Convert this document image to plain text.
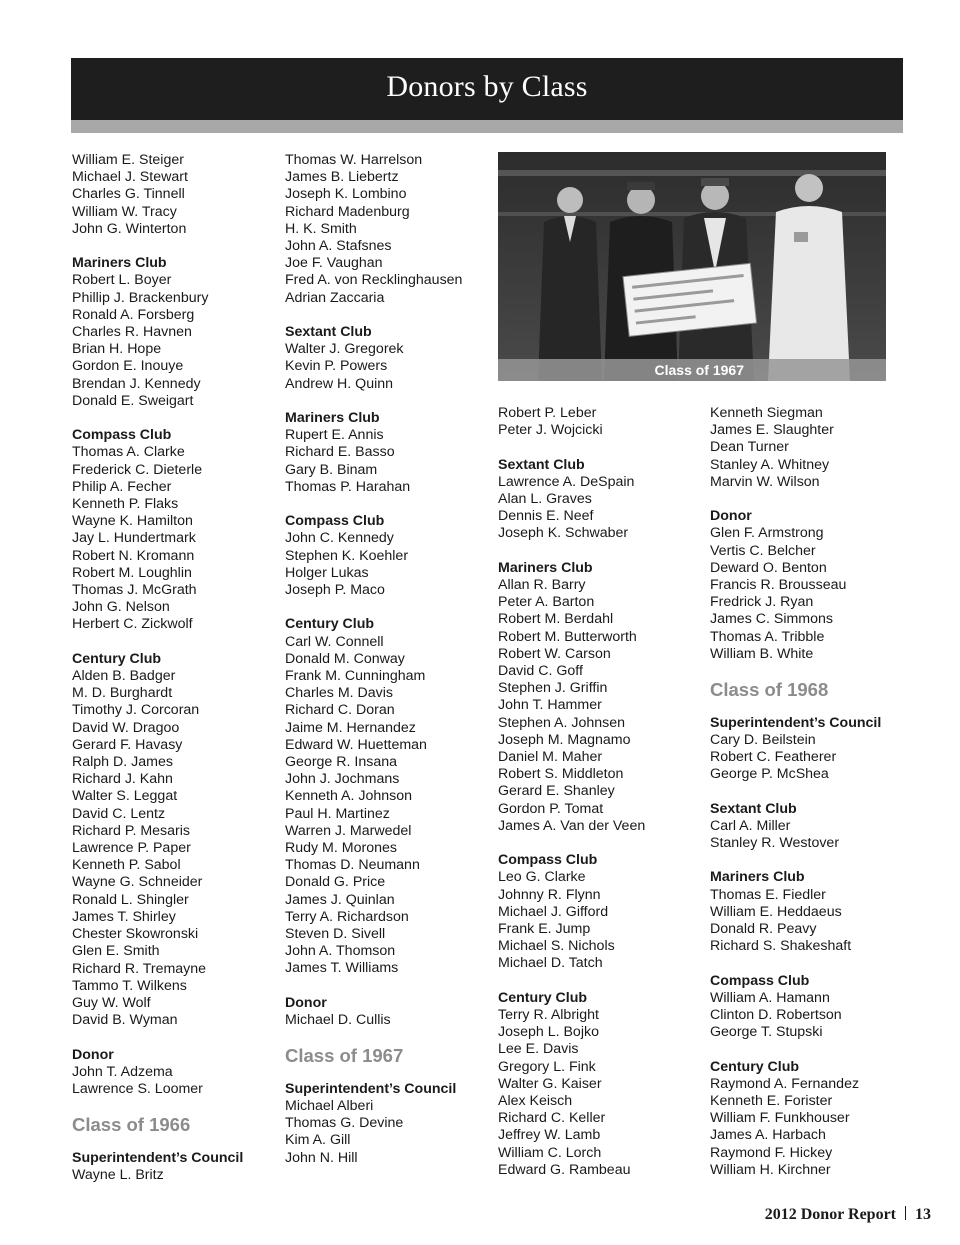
Donors by Class
William E. Steiger
Michael J. Stewart
Charles G. Tinnell
William W. Tracy
John G. Winterton
Mariners Club
Robert L. Boyer
Phillip J. Brackenbury
Ronald A. Forsberg
Charles R. Havnen
Brian H. Hope
Gordon E. Inouye
Brendan J. Kennedy
Donald E. Sweigart
Compass Club
Thomas A. Clarke
Frederick C. Dieterle
Philip A. Fecher
Kenneth P. Flaks
Wayne K. Hamilton
Jay L. Hundertmark
Robert N. Kromann
Robert M. Loughlin
Thomas J. McGrath
John G. Nelson
Herbert C. Zickwolf
Century Club
Alden B. Badger
M. D. Burghardt
Timothy J. Corcoran
David W. Dragoo
Gerard F. Havasy
Ralph D. James
Richard J. Kahn
Walter S. Leggat
David C. Lentz
Richard P. Mesaris
Lawrence P. Paper
Kenneth P. Sabol
Wayne G. Schneider
Ronald L. Shingler
James T. Shirley
Chester Skowronski
Glen E. Smith
Richard R. Tremayne
Tammo T. Wilkens
Guy W. Wolf
David B. Wyman
Donor
John T. Adzema
Lawrence S. Loomer
Class of 1966
Superintendent’s Council
Wayne L. Britz
Thomas W. Harrelson
James B. Liebertz
Joseph K. Lombino
Richard Madenburg
H. K. Smith
John A. Stafsnes
Joe F. Vaughan
Fred A. von Recklinghausen
Adrian Zaccaria
Sextant Club
Walter J. Gregorek
Kevin P. Powers
Andrew H. Quinn
Mariners Club
Rupert E. Annis
Richard E. Basso
Gary B. Binam
Thomas P. Harahan
Compass Club
John C. Kennedy
Stephen K. Koehler
Holger Lukas
Joseph P. Maco
Century Club
Carl W. Connell
Donald M. Conway
Frank M. Cunningham
Charles M. Davis
Richard C. Doran
Jaime M. Hernandez
Edward W. Huetteman
George R. Insana
John J. Jochmans
Kenneth A. Johnson
Paul H. Martinez
Warren J. Marwedel
Rudy M. Morones
Thomas D. Neumann
Donald G. Price
James J. Quinlan
Terry A. Richardson
Steven D. Sivell
John A. Thomson
James T. Williams
Donor
Michael D. Cullis
Class of 1967
Superintendent’s Council
Michael Alberi
Thomas G. Devine
Kim A. Gill
John N. Hill
Class of 1967
Robert P. Leber
Peter J. Wojcicki
Sextant Club
Lawrence A. DeSpain
Alan L. Graves
Dennis E. Neef
Joseph K. Schwaber
Mariners Club
Allan R. Barry
Peter A. Barton
Robert M. Berdahl
Robert M. Butterworth
Robert W. Carson
David C. Goff
Stephen J. Griffin
John T. Hammer
Stephen A. Johnsen
Joseph M. Magnamo
Daniel M. Maher
Robert S. Middleton
Gerard E. Shanley
Gordon P. Tomat
James A. Van der Veen
Compass Club
Leo G. Clarke
Johnny R. Flynn
Michael J. Gifford
Frank E. Jump
Michael S. Nichols
Michael D. Tatch
Century Club
Terry R. Albright
Joseph L. Bojko
Lee E. Davis
Gregory L. Fink
Walter G. Kaiser
Alex Keisch
Richard C. Keller
Jeffrey W. Lamb
William C. Lorch
Edward G. Rambeau
Kenneth Siegman
James E. Slaughter
Dean Turner
Stanley A. Whitney
Marvin W. Wilson
Donor
Glen F. Armstrong
Vertis C. Belcher
Deward O. Benton
Francis R. Brousseau
Fredrick J. Ryan
James C. Simmons
Thomas A. Tribble
William B. White
Class of 1968
Superintendent’s Council
Cary D. Beilstein
Robert C. Featherer
George P. McShea
Sextant Club
Carl A. Miller
Stanley R. Westover
Mariners Club
Thomas E. Fiedler
William E. Heddaeus
Donald R. Peavy
Richard S. Shakeshaft
Compass Club
William A. Hamann
Clinton D. Robertson
George T. Stupski
Century Club
Raymond A. Fernandez
Kenneth E. Forister
William F. Funkhouser
James A. Harbach
Raymond F. Hickey
William H. Kirchner
2012 Donor Report 13
